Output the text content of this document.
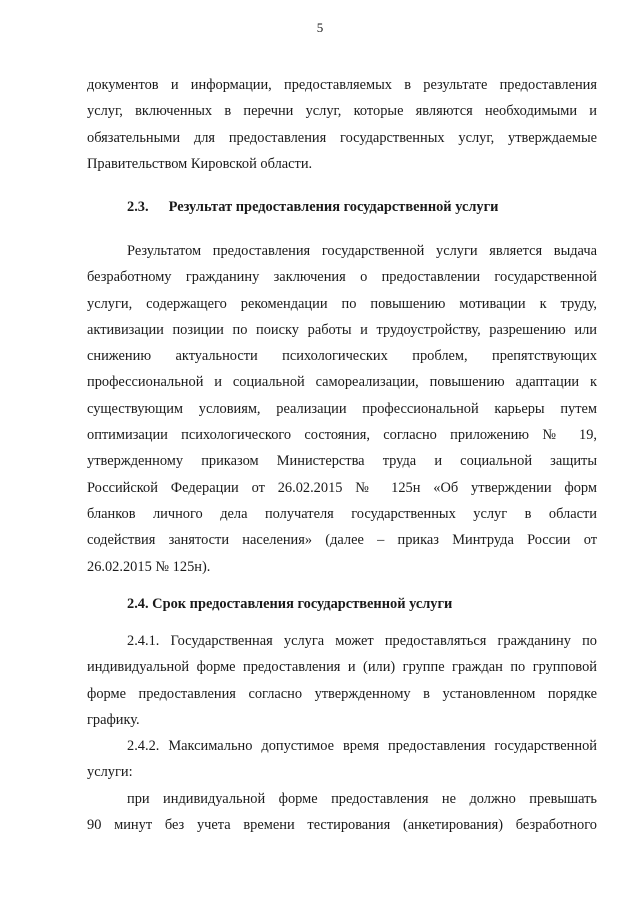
5
документов и информации, предоставляемых в результате предоставления
услуг, включенных в перечни услуг, которые являются необходимыми и
обязательными для предоставления государственных услуг, утверждаемые
Правительством Кировской области.
2.3. Результат предоставления государственной услуги
Результатом предоставления государственной услуги является выдача
безработному гражданину заключения о предоставлении государственной
услуги, содержащего рекомендации по повышению мотивации к труду,
активизации позиции по поиску работы и трудоустройству, разрешению или
снижению актуальности психологических проблем, препятствующих
профессиональной и социальной самореализации, повышению адаптации к
существующим условиям, реализации профессиональной карьеры путем
оптимизации психологического состояния, согласно приложению № 19,
утвержденному приказом Министерства труда и социальной защиты
Российской Федерации от 26.02.2015 № 125н «Об утверждении форм
бланков личного дела получателя государственных услуг в области
содействия занятости населения» (далее – приказ Минтруда России от
26.02.2015 № 125н).
2.4. Срок предоставления государственной услуги
2.4.1. Государственная услуга может предоставляться гражданину по
индивидуальной форме предоставления и (или) группе граждан по групповой
форме предоставления согласно утвержденному в установленном порядке
графику.
2.4.2. Максимально допустимое время предоставления государственной
услуги:
при индивидуальной форме предоставления не должно превышать
90 минут без учета времени тестирования (анкетирования) безработного
